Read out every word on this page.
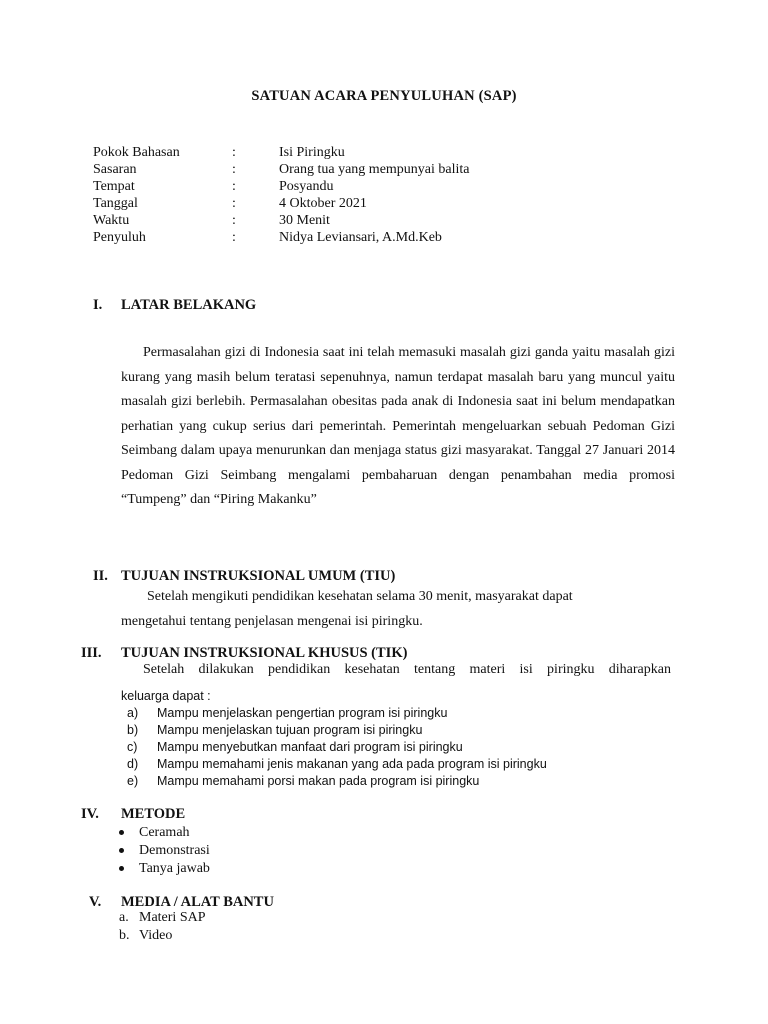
SATUAN ACARA PENYULUHAN (SAP)
Pokok Bahasan	:	Isi Piringku
Sasaran	:	Orang tua yang mempunyai balita
Tempat	:	Posyandu
Tanggal	:	4 Oktober 2021
Waktu	:	30 Menit
Penyuluh	:	Nidya Leviansari, A.Md.Keb
I. LATAR BELAKANG
Permasalahan gizi di Indonesia saat ini telah memasuki masalah gizi ganda yaitu masalah gizi kurang yang masih belum teratasi sepenuhnya, namun terdapat masalah baru yang muncul yaitu masalah gizi berlebih. Permasalahan obesitas pada anak di Indonesia saat ini belum mendapatkan perhatian yang cukup serius dari pemerintah. Pemerintah mengeluarkan sebuah Pedoman Gizi Seimbang dalam upaya menurunkan dan menjaga status gizi masyarakat. Tanggal 27 Januari 2014 Pedoman Gizi Seimbang mengalami pembaharuan dengan penambahan media promosi “Tumpeng” dan “Piring Makanku”
II. TUJUAN INSTRUKSIONAL UMUM (TIU)
Setelah mengikuti pendidikan kesehatan selama 30 menit, masyarakat dapat
mengetahui tentang penjelasan mengenai isi piringku.
III. TUJUAN INSTRUKSIONAL KHUSUS (TIK)
Setelah dilakukan pendidikan kesehatan tentang materi isi piringku diharapkan
keluarga dapat :
a) Mampu menjelaskan pengertian program isi piringku
b) Mampu menjelaskan tujuan program isi piringku
c) Mampu menyebutkan manfaat dari program isi piringku
d) Mampu memahami jenis makanan yang ada pada program isi piringku
e) Mampu memahami porsi makan pada program isi piringku
IV. METODE
Ceramah
Demonstrasi
Tanya jawab
V. MEDIA / ALAT BANTU
a. Materi SAP
b. Video
